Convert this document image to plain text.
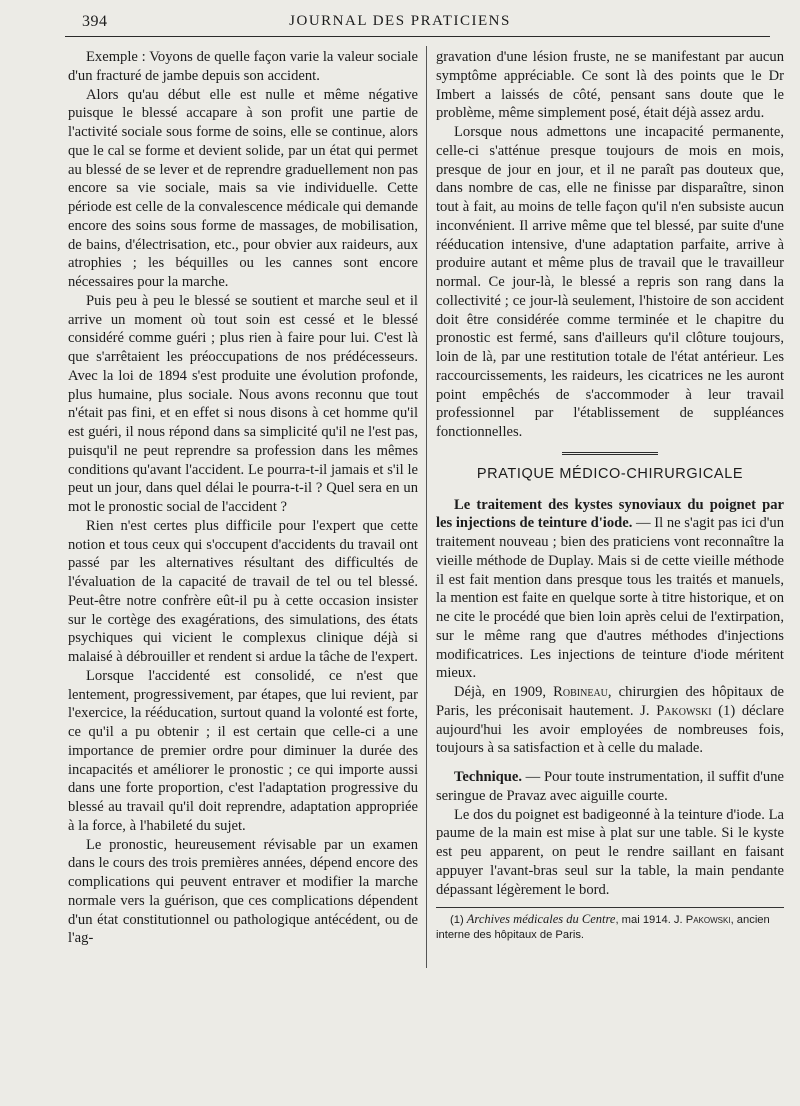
394	JOURNAL DES PRATICIENS

Exemple : Voyons de quelle façon varie la valeur sociale d'un fracturé de jambe depuis son accident.

Alors qu'au début elle est nulle et même négative puisque le blessé accapare à son profit une partie de l'activité sociale sous forme de soins, elle se continue, alors que le cal se forme et devient solide, par un état qui permet au blessé de se lever et de reprendre graduellement non pas encore sa vie sociale, mais sa vie individuelle. Cette période est celle de la convalescence médicale qui demande encore des soins sous forme de massages, de mobilisation, de bains, d'électrisation, etc., pour obvier aux raideurs, aux atrophies ; les béquilles ou les cannes sont encore nécessaires pour la marche.

Puis peu à peu le blessé se soutient et marche seul et il arrive un moment où tout soin est cessé et le blessé considéré comme guéri ; plus rien à faire pour lui. C'est là que s'arrêtaient les préoccupations de nos prédécesseurs. Avec la loi de 1894 s'est produite une évolution profonde, plus humaine, plus sociale. Nous avons reconnu que tout n'était pas fini, et en effet si nous disons à cet homme qu'il est guéri, il nous répond dans sa simplicité qu'il ne l'est pas, puisqu'il ne peut reprendre sa profession dans les mêmes conditions qu'avant l'accident. Le pourra-t-il jamais et s'il le peut un jour, dans quel délai le pourra-t-il ? Quel sera en un mot le pronostic social de l'accident ?

Rien n'est certes plus difficile pour l'expert que cette notion et tous ceux qui s'occupent d'accidents du travail ont passé par les alternatives résultant des difficultés de l'évaluation de la capacité de travail de tel ou tel blessé. Peut-être notre confrère eût-il pu à cette occasion insister sur le cortège des exagérations, des simulations, des états psychiques qui vicient le complexus clinique déjà si malaisé à débrouiller et rendent si ardue la tâche de l'expert.

Lorsque l'accidenté est consolidé, ce n'est que lentement, progressivement, par étapes, que lui revient, par l'exercice, la rééducation, surtout quand la volonté est forte, ce qu'il a pu obtenir ; il est certain que celle-ci a une importance de premier ordre pour diminuer la durée des incapacités et améliorer le pronostic ; ce qui importe aussi dans une forte proportion, c'est l'adaptation progressive du blessé au travail qu'il doit reprendre, adaptation appropriée à la force, à l'habileté du sujet.

Le pronostic, heureusement révisable par un examen dans le cours des trois premières années, dépend encore des complications qui peuvent entraver et modifier la marche normale vers la guérison, que ces complications dépendent d'un état constitutionnel ou pathologique antécédent, ou de l'ag-

gravation d'une lésion fruste, ne se manifestant par aucun symptôme appréciable. Ce sont là des points que le Dr Imbert a laissés de côté, pensant sans doute que le problème, même simplement posé, était déjà assez ardu.

Lorsque nous admettons une incapacité permanente, celle-ci s'atténue presque toujours de mois en mois, presque de jour en jour, et il ne paraît pas douteux que, dans nombre de cas, elle ne finisse par disparaître, sinon tout à fait, au moins de telle façon qu'il n'en subsiste aucun inconvénient. Il arrive même que tel blessé, par suite d'une rééducation intensive, d'une adaptation parfaite, arrive à produire autant et même plus de travail que le travailleur normal. Ce jour-là, le blessé a repris son rang dans la collectivité ; ce jour-là seulement, l'histoire de son accident doit être considérée comme terminée et le chapitre du pronostic est fermé, sans d'ailleurs qu'il clôture toujours, loin de là, par une restitution totale de l'état antérieur. Les raccourcissements, les raideurs, les cicatrices ne les auront point empêchés de s'accommoder à leur travail professionnel par l'établissement de suppléances fonctionnelles.

PRATIQUE MÉDICO-CHIRURGICALE

Le traitement des kystes synoviaux du poignet par les injections de teinture d'iode. — Il ne s'agit pas ici d'un traitement nouveau ; bien des praticiens vont reconnaître la vieille méthode de Duplay. Mais si de cette vieille méthode il est fait mention dans presque tous les traités et manuels, la mention est faite en quelque sorte à titre historique, et on ne cite le procédé que bien loin après celui de l'extirpation, sur le même rang que d'autres méthodes d'injections modificatrices. Les injections de teinture d'iode méritent mieux.

Déjà, en 1909, Robineau, chirurgien des hôpitaux de Paris, les préconisait hautement. J. Pakowski (1) déclare aujourd'hui les avoir employées de nombreuses fois, toujours à sa satisfaction et à celle du malade.

Technique. — Pour toute instrumentation, il suffit d'une seringue de Pravaz avec aiguille courte.

Le dos du poignet est badigeonné à la teinture d'iode. La paume de la main est mise à plat sur une table. Si le kyste est peu apparent, on peut le rendre saillant en faisant appuyer l'avant-bras seul sur la table, la main pendante dépassant légèrement le bord.

(1) Archives médicales du Centre, mai 1914. J. Pakowski, ancien interne des hôpitaux de Paris.
